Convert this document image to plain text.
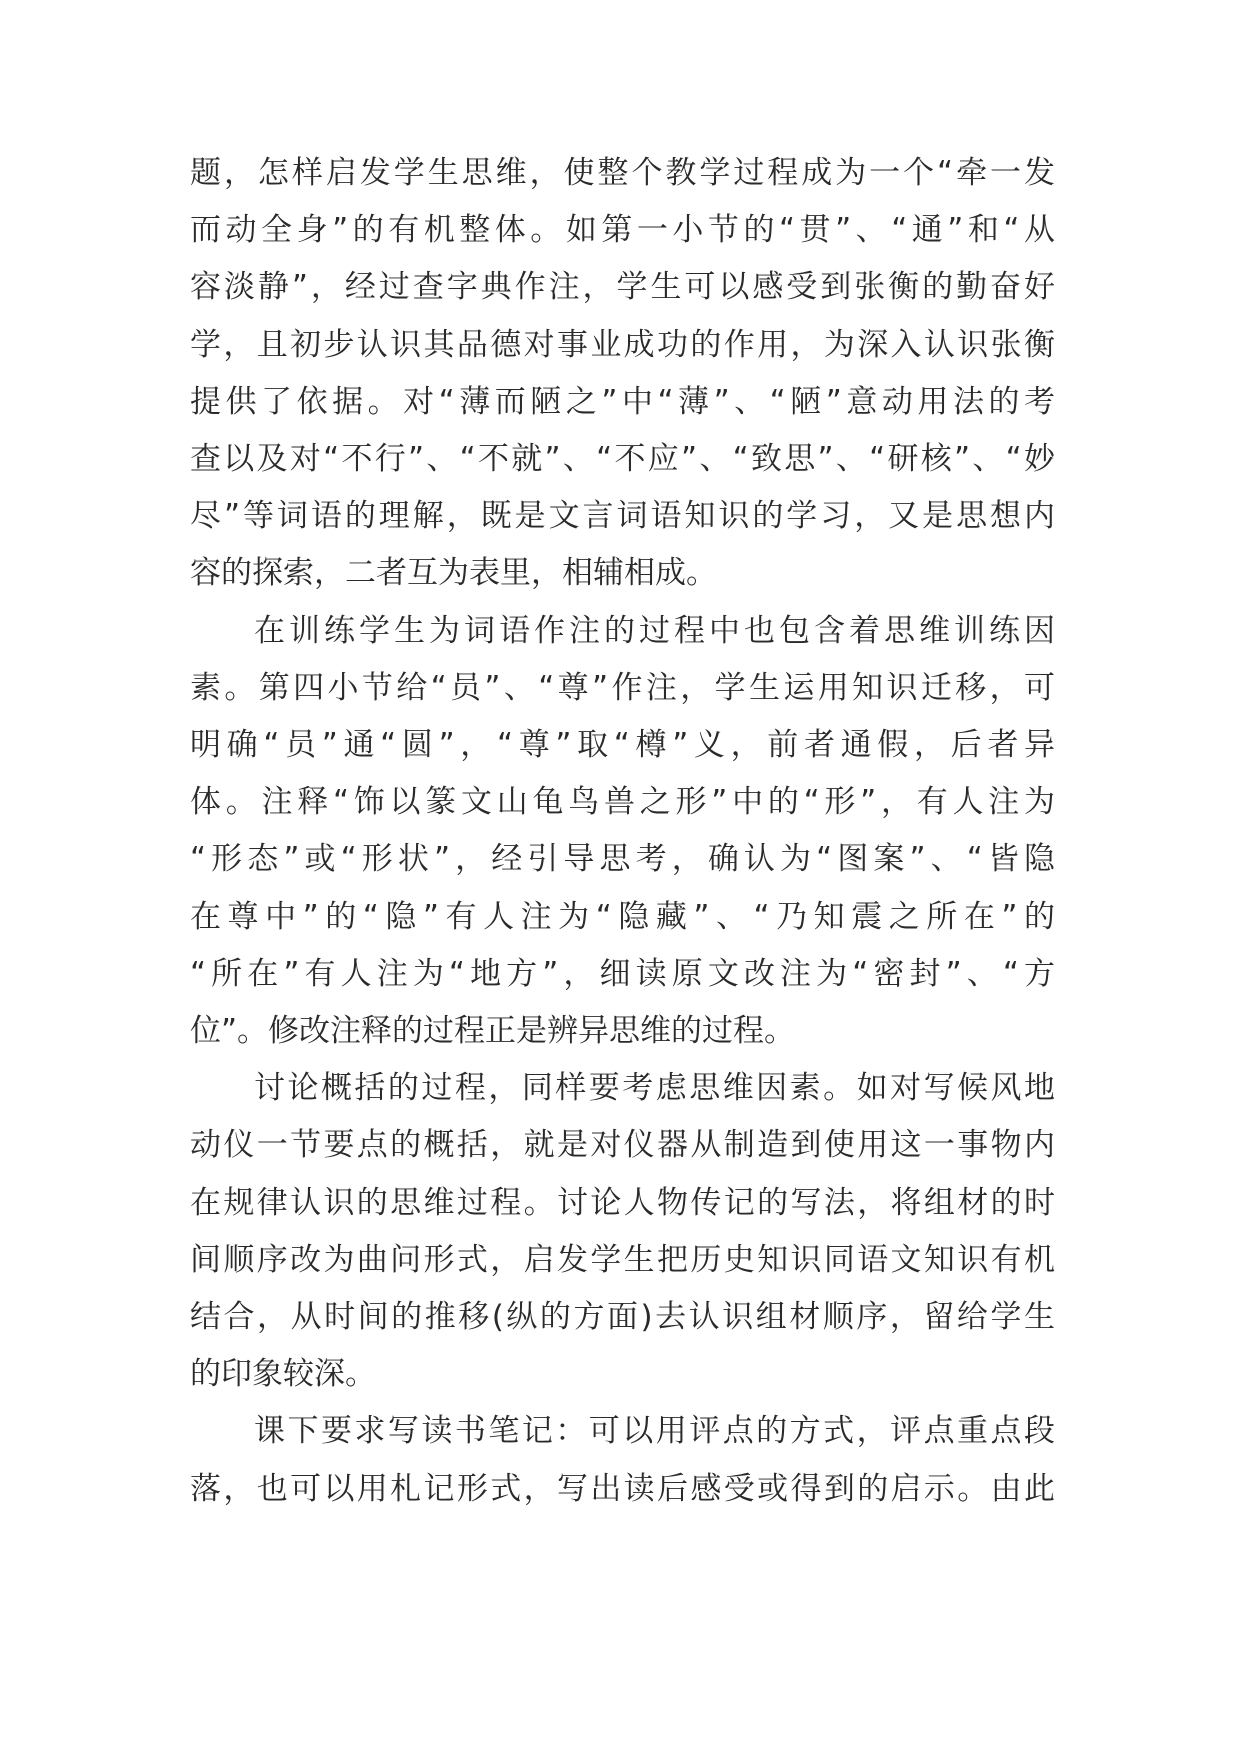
题，怎样启发学生思维，使整个教学过程成为一个“牵一发
而动全身”的有机整体。如第一小节的“贯”、“通”和“从
容淡静”，经过查字典作注，学生可以感受到张衡的勤奋好
学，且初步认识其品德对事业成功的作用，为深入认识张衡
提供了依据。对“薄而陋之”中“薄”、“陋”意动用法的考
查以及对“不行”、“不就”、“不应”、“致思”、“研核”、“妙
尽”等词语的理解，既是文言词语知识的学习，又是思想内
容的探索，二者互为表里，相辅相成。
在训练学生为词语作注的过程中也包含着思维训练因
素。第四小节给“员”、“尊”作注，学生运用知识迁移，可
明确“员”通“圆”，“尊”取“樽”义，前者通假，后者异
体。注释“饰以篆文山龟鸟兽之形”中的“形”，有人注为
“形态”或“形状”，经引导思考，确认为“图案”、“皆隐
在尊中”的“隐”有人注为“隐藏”、“乃知震之所在”的
“所在”有人注为“地方”，细读原文改注为“密封”、“方
位”。修改注释的过程正是辨异思维的过程。
讨论概括的过程，同样要考虑思维因素。如对写候风地
动仪一节要点的概括，就是对仪器从制造到使用这一事物内
在规律认识的思维过程。讨论人物传记的写法，将组材的时
间顺序改为曲问形式，启发学生把历史知识同语文知识有机
结合，从时间的推移(纵的方面)去认识组材顺序，留给学生
的印象较深。
课下要求写读书笔记：可以用评点的方式，评点重点段
落，也可以用札记形式，写出读后感受或得到的启示。由此
